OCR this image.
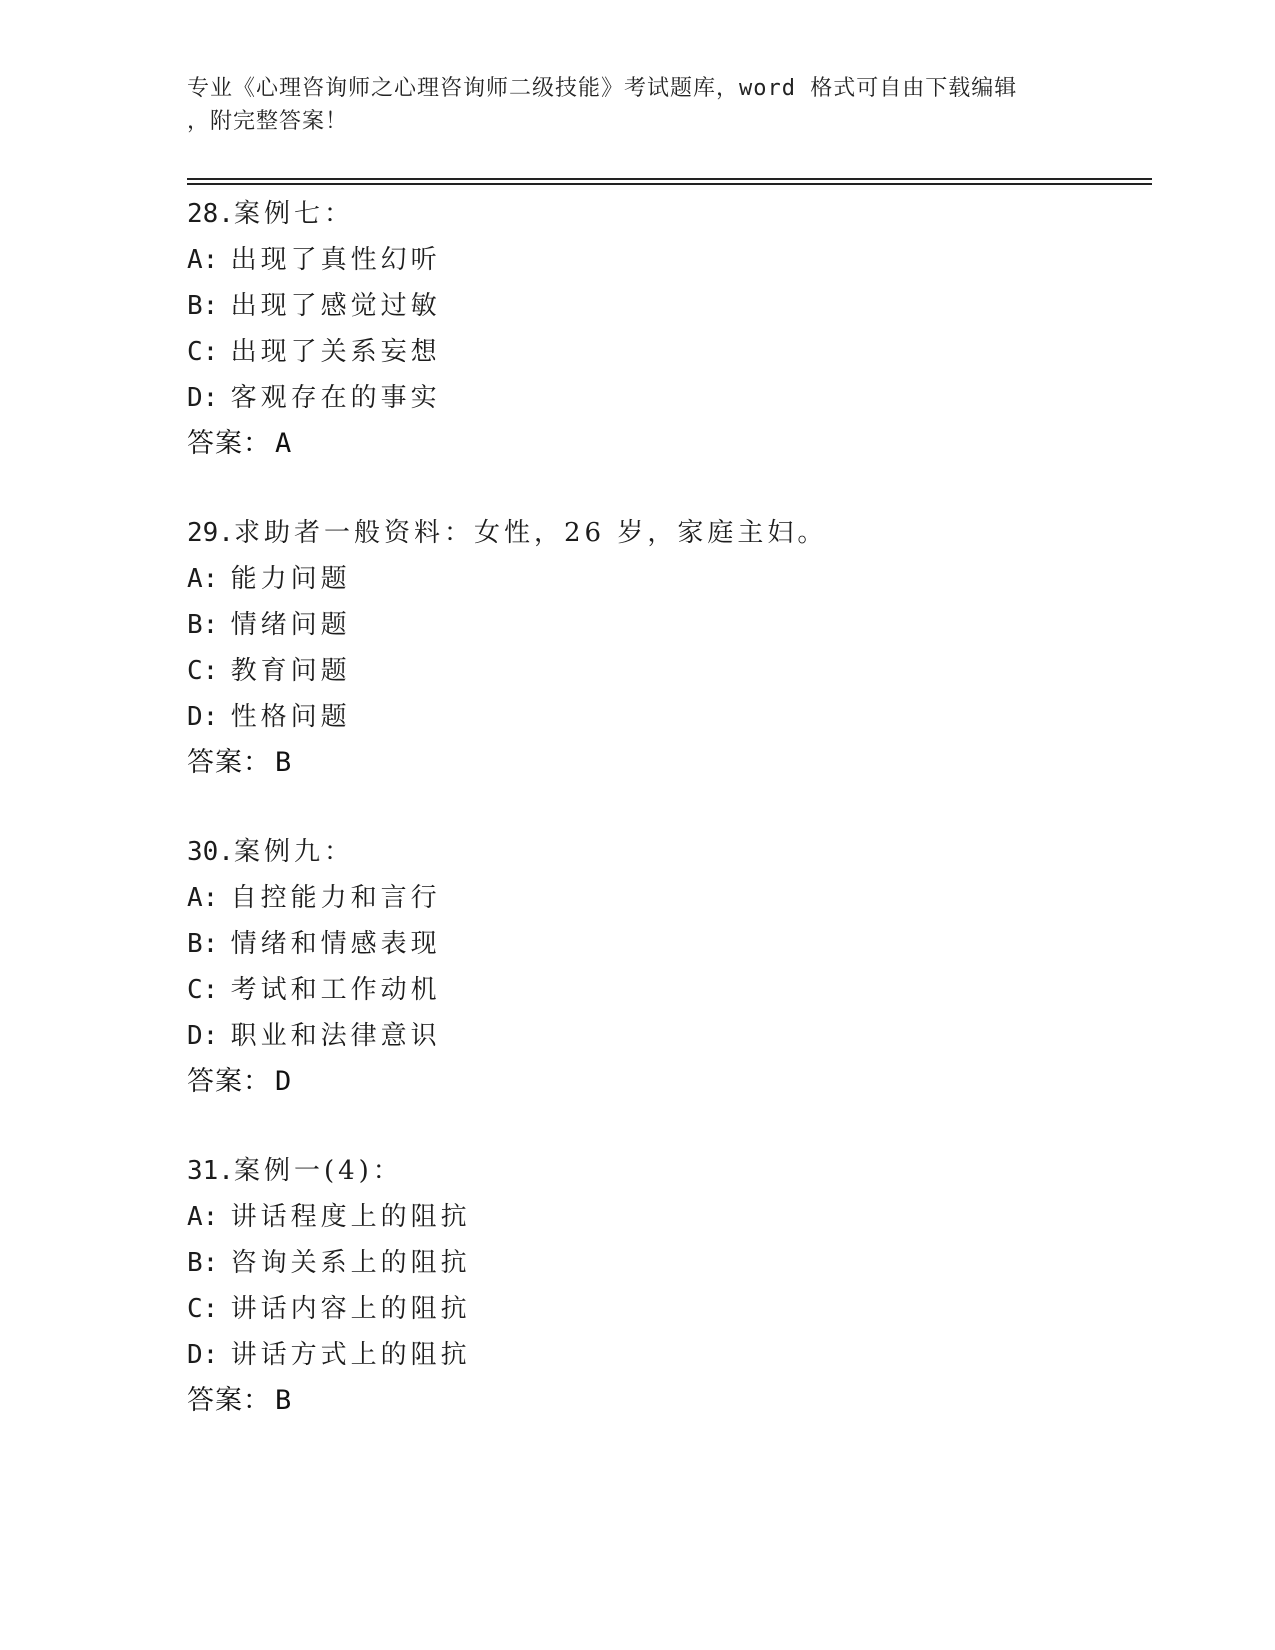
专业《心理咨询师之心理咨询师二级技能》考试题库，word 格式可自由下载编辑
，附完整答案！
28.案例七：
A: 出现了真性幻听
B: 出现了感觉过敏
C: 出现了关系妄想
D: 客观存在的事实
答案： A
29.求助者一般资料：女性，26 岁，家庭主妇。
A: 能力问题
B: 情绪问题
C: 教育问题
D: 性格问题
答案： B
30.案例九：
A: 自控能力和言行
B: 情绪和情感表现
C: 考试和工作动机
D: 职业和法律意识
答案： D
31.案例一(4)：
A: 讲话程度上的阻抗
B: 咨询关系上的阻抗
C: 讲话内容上的阻抗
D: 讲话方式上的阻抗
答案： B
